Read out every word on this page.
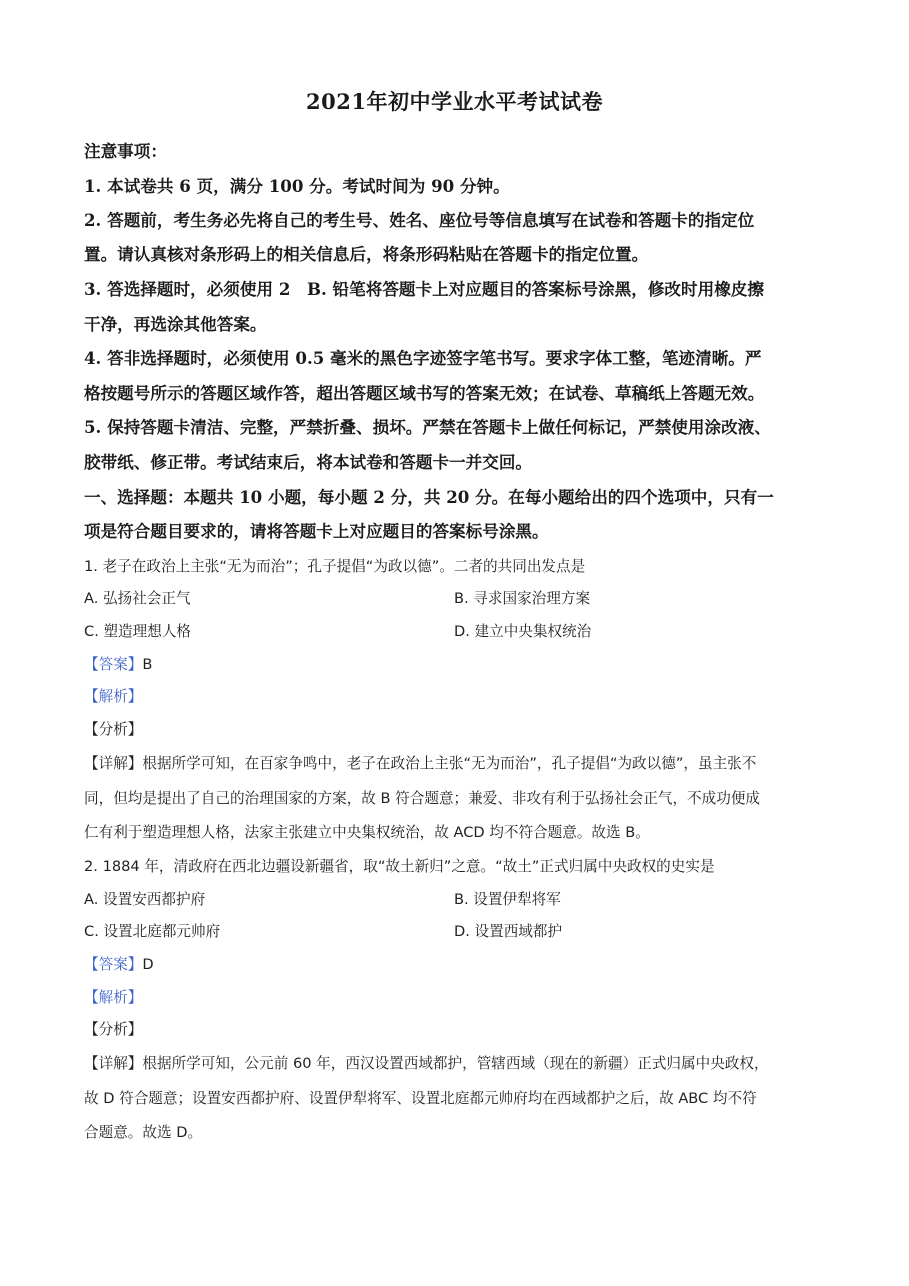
2021年初中学业水平考试试卷
注意事项：
1. 本试卷共 6 页，满分 100 分。考试时间为 90 分钟。
2. 答题前，考生务必先将自己的考生号、姓名、座位号等信息填写在试卷和答题卡的指定位
置。请认真核对条形码上的相关信息后，将条形码粘贴在答题卡的指定位置。
3. 答选择题时，必须使用 2　B. 铅笔将答题卡上对应题目的答案标号涂黑，修改时用橡皮擦
干净，再选涂其他答案。
4. 答非选择题时，必须使用 0.5 毫米的黑色字迹签字笔书写。要求字体工整，笔迹清晰。严
格按题号所示的答题区域作答，超出答题区域书写的答案无效；在试卷、草稿纸上答题无效。
5. 保持答题卡清洁、完整，严禁折叠、损坏。严禁在答题卡上做任何标记，严禁使用涂改液、
胶带纸、修正带。考试结束后，将本试卷和答题卡一并交回。
一、选择题：本题共 10 小题，每小题 2 分，共 20 分。在每小题给出的四个选项中，只有一
项是符合题目要求的，请将答题卡上对应题目的答案标号涂黑。
1. 老子在政治上主张“无为而治”；孔子提倡“为政以德”。二者的共同出发点是
A. 弘扬社会正气	B. 寻求国家治理方案
C. 塑造理想人格	D. 建立中央集权统治
【答案】B
【解析】
【分析】
【详解】根据所学可知，在百家争鸣中，老子在政治上主张“无为而治”，孔子提倡“为政以德”，虽主张不
同，但均是提出了自己的治理国家的方案，故 B 符合题意；兼爱、非攻有利于弘扬社会正气，不成功便成
仁有利于塑造理想人格，法家主张建立中央集权统治，故 ACD 均不符合题意。故选 B。
2. 1884 年，清政府在西北边疆设新疆省，取“故土新归”之意。“故土”正式归属中央政权的史实是
A. 设置安西都护府	B. 设置伊犁将军
C. 设置北庭都元帅府	D. 设置西域都护
【答案】D
【解析】
【分析】
【详解】根据所学可知，公元前 60 年，西汉设置西域都护，管辖西域（现在的新疆）正式归属中央政权，
故 D 符合题意；设置安西都护府、设置伊犁将军、设置北庭都元帅府均在西域都护之后，故 ABC 均不符
合题意。故选 D。
